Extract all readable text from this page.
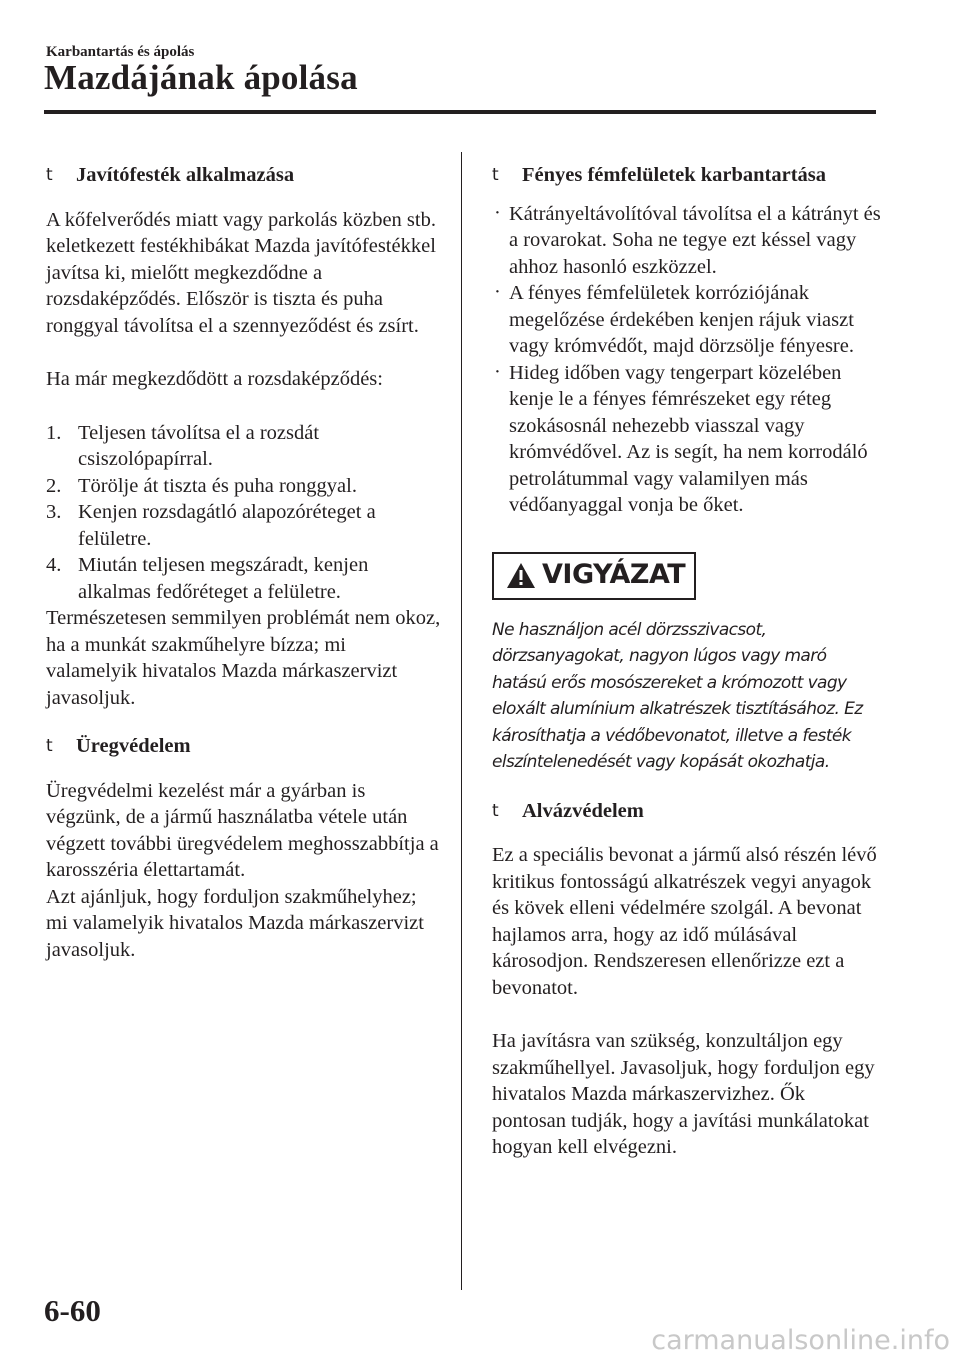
Karbantartás és ápolás
Mazdájának ápolása
t Javítófesték alkalmazása

A kőfelverődés miatt vagy parkolás közben stb. keletkezett festékhibákat Mazda javítófestékkel javítsa ki, mielőtt megkezdődne a rozsdaképződés. Először is tiszta és puha ronggyal távolítsa el a szennyeződést és zsírt.

Ha már megkezdődött a rozsdaképződés:

1. Teljesen távolítsa el a rozsdát csiszolópapírral.
2. Törölje át tiszta és puha ronggyal.
3. Kenjen rozsdagátló alapozóréteget a felületre.
4. Miután teljesen megszáradt, kenjen alkalmas fedőréteget a felületre.

Természetesen semmilyen problémát nem okoz, ha a munkát szakműhelyre bízza; mi valamelyik hivatalos Mazda márkaszervizt javasoljuk.

t Üregvédelem

Üregvédelmi kezelést már a gyárban is végzünk, de a jármű használatba vétele után végzett további üregvédelem meghosszabbítja a karosszéria élettartamát.

Azt ajánljuk, hogy forduljon szakműhelyhez; mi valamelyik hivatalos Mazda márkaszervizt javasoljuk.

t Fényes fémfelületek karbantartása
· Kátrányeltávolítóval távolítsa el a kátrányt és a rovarokat. Soha ne tegye ezt késsel vagy ahhoz hasonló eszközzel.
· A fényes fémfelületek korróziójának megelőzése érdekében kenjen rájuk viaszt vagy krómvédőt, majd dörzsölje fényesre.
· Hideg időben vagy tengerpart közelében kenje le a fényes fémrészeket egy réteg szokásosnál nehezebb viasszal vagy krómvédővel. Az is segít, ha nem korrodáló petrolátummal vagy valamilyen más védőanyaggal vonja be őket.
VIGYÁZAT

Ne használjon acél dörzsszivacsot, dörzsanyagokat, nagyon lúgos vagy maró hatású erős mosószereket a krómozott vagy eloxált alumínium alkatrészek tisztításához. Ez károsíthatja a védőbevonatot, illetve a festék elszíntelenedését vagy kopását okozhatja.

t Alvázvédelem

Ez a speciális bevonat a jármű alsó részén lévő kritikus fontosságú alkatrészek vegyi anyagok és kövek elleni védelmére szolgál. A bevonat hajlamos arra, hogy az idő múlásával károsodjon. Rendszeresen ellenőrizze ezt a bevonatot.

Ha javításra van szükség, konzultáljon egy szakműhellyel. Javasoljuk, hogy forduljon egy hivatalos Mazda márkaszervizhez. Ők pontosan tudják, hogy a javítási munkálatokat hogyan kell elvégezni.

6-60
carmanualsonline.info
